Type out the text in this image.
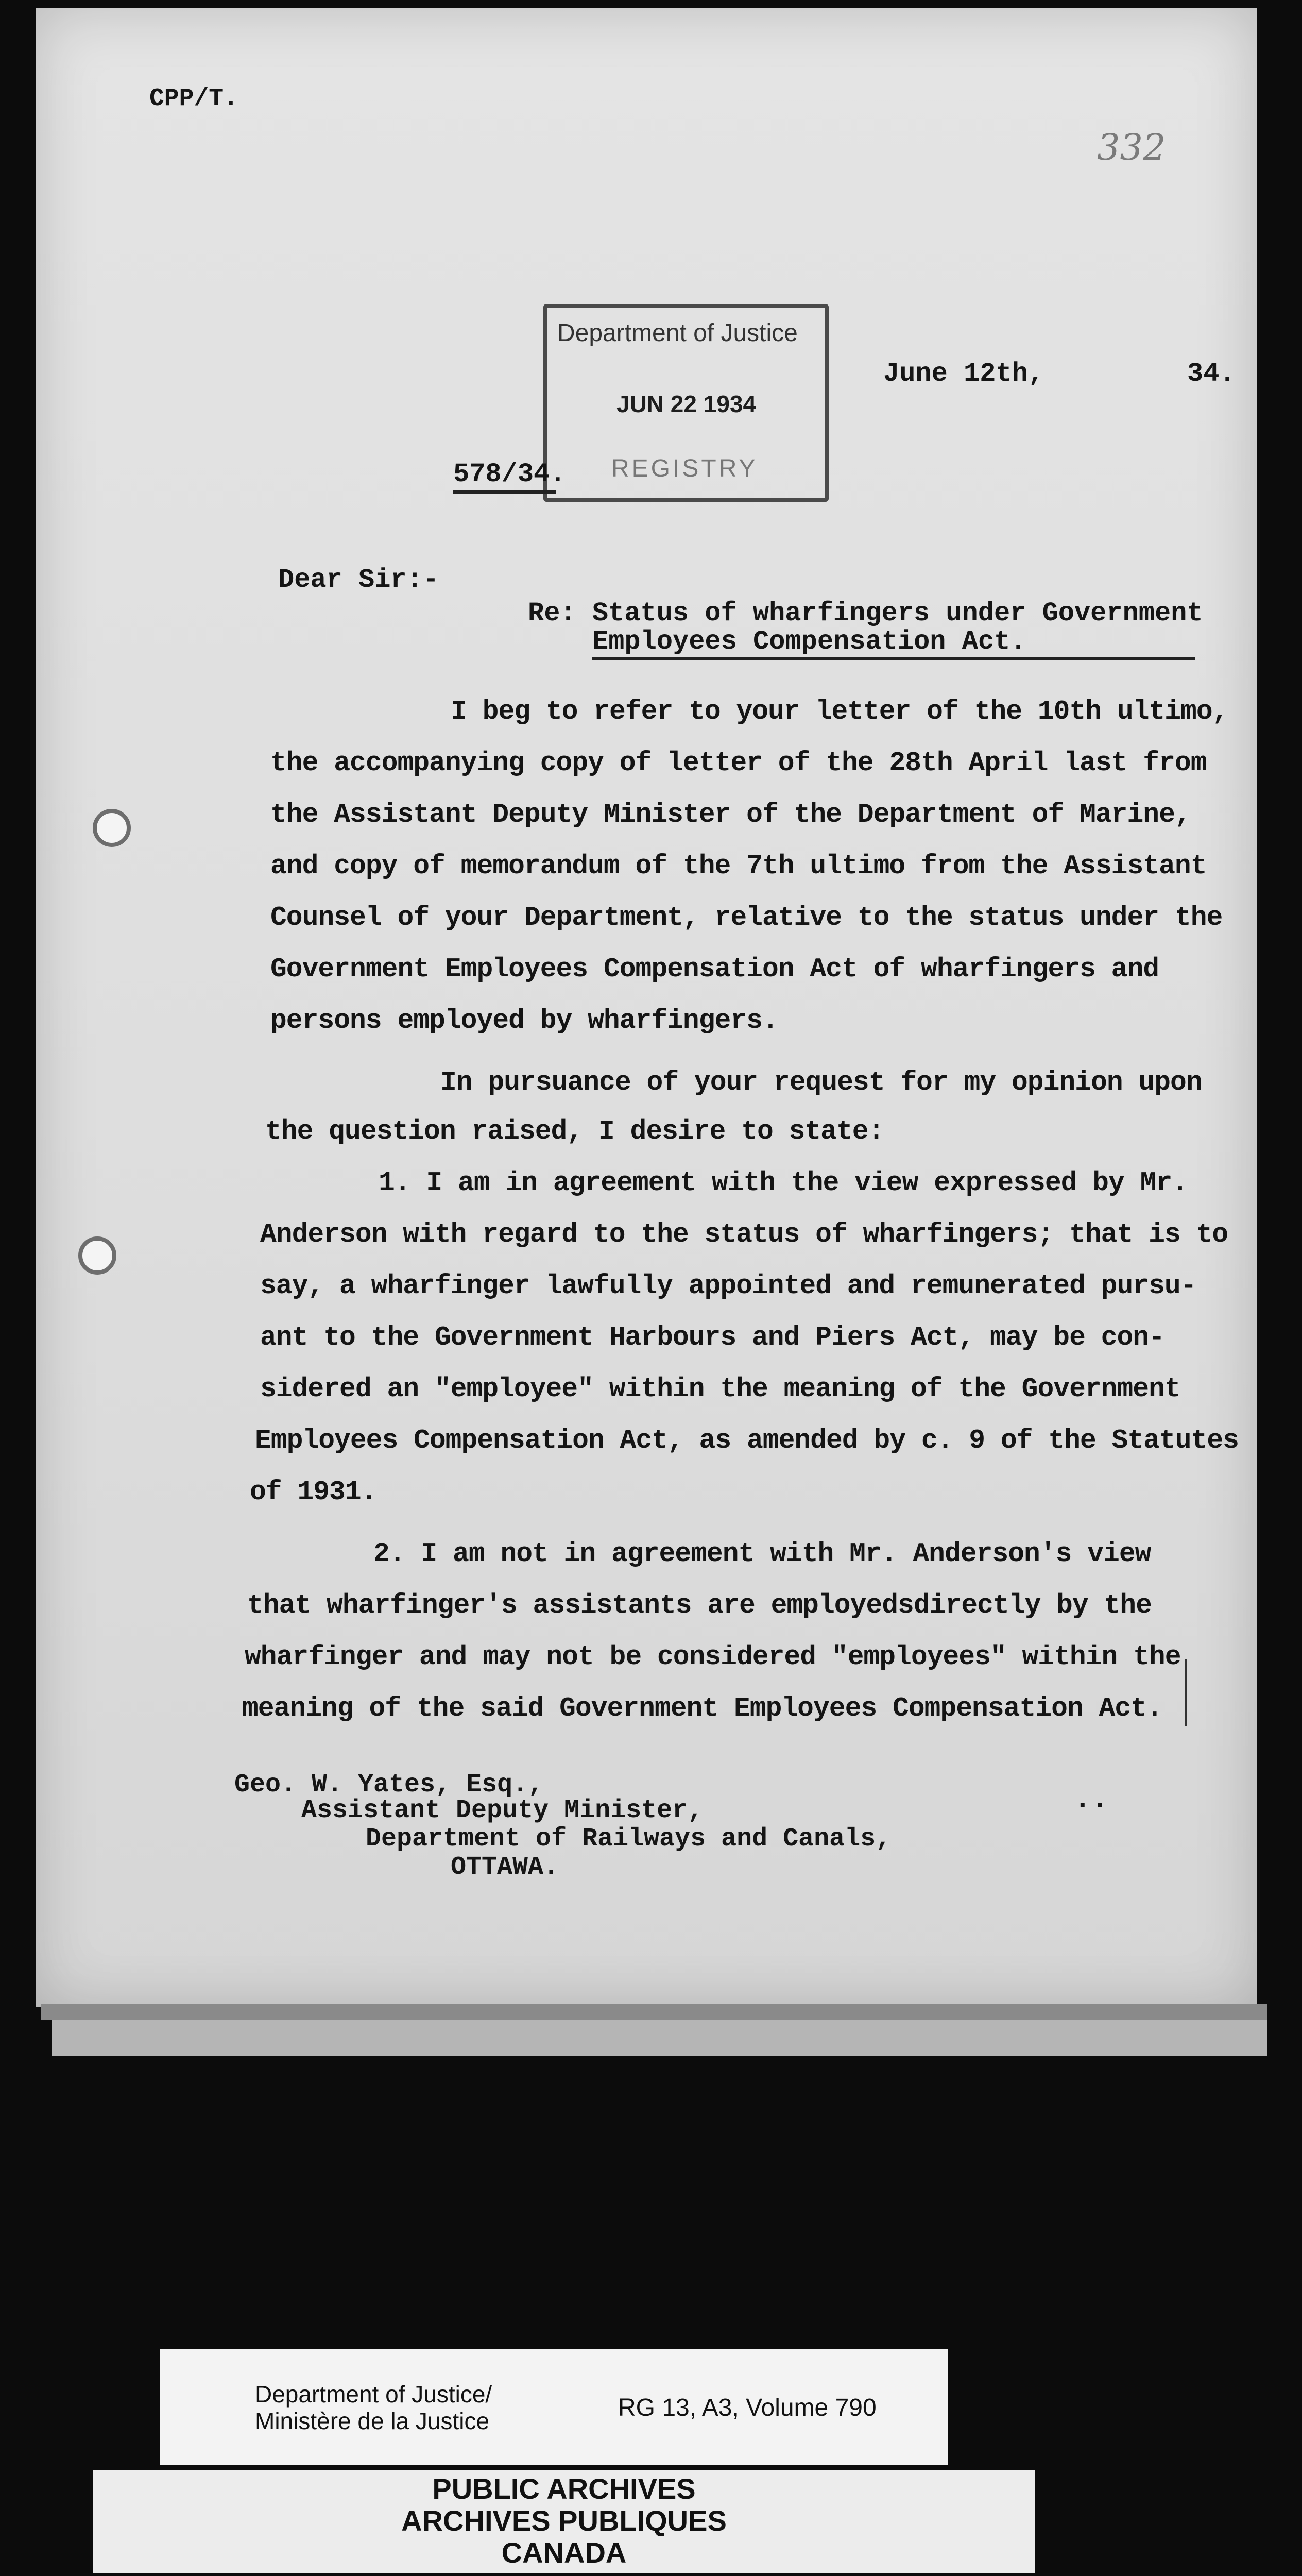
CPP/T.
332
Department of Justice
JUN 22 1934
REGISTRY
June 12th,	34.
578/34.
Dear Sir:-
Re: Status of wharfingers under Government
Employees Compensation Act.
I beg to refer to your letter of the 10th ultimo,
the accompanying copy of letter of the 28th April last from
the Assistant Deputy Minister of the Department of Marine,
and copy of memorandum of the 7th ultimo from the Assistant
Counsel of your Department, relative to the status under the
Government Employees Compensation Act of wharfingers and
persons employed by wharfingers.
In pursuance of your request for my opinion upon
the question raised, I desire to state:
1. I am in agreement with the view expressed by Mr.
Anderson with regard to the status of wharfingers; that is to
say, a wharfinger lawfully appointed and remunerated pursu-
ant to the Government Harbours and Piers Act, may be con-
sidered an "employee" within the meaning of the Government
Employees Compensation Act, as amended by c. 9 of the Statutes
of 1931.
2. I am not in agreement with Mr. Anderson's view
that wharfinger's assistants are employedsdirectly by the
wharfinger and may not be considered "employees" within the
meaning of the said Government Employees Compensation Act.
Geo. W. Yates, Esq.,
Assistant Deputy Minister,
Department of Railways and Canals,
OTTAWA.
..
Department of Justice/
Ministère de la Justice	RG 13, A3, Volume 790
PUBLIC ARCHIVES
ARCHIVES PUBLIQUES
CANADA
